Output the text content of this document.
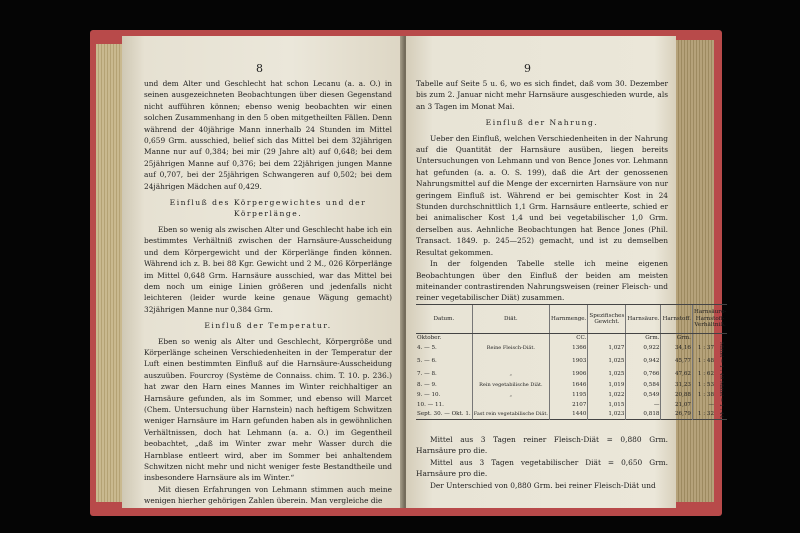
8

und dem Alter und Geschlecht hat schon Lecanu (a. a. O.) in seinen ausgezeichneten Beobachtungen über diesen Gegenstand nicht aufführen können; ebenso wenig beobachten wir einen solchen Zusammenhang in den 5 oben mitgetheilten Fällen. Denn während der 40jährige Mann innerhalb 24 Stunden im Mittel 0,659 Grm. ausschied, belief sich das Mittel bei dem 32jährigen Manne nur auf 0,384; bei mir (29 Jahre alt) auf 0,648; bei dem 25jährigen Manne auf 0,376; bei dem 22jährigen jungen Manne auf 0,707, bei der 25jährigen Schwangeren auf 0,502; bei dem 24jährigen Mädchen auf 0,429.

Einfluß des Körpergewichtes und der Körperlänge.

Eben so wenig als zwischen Alter und Geschlecht habe ich ein bestimmtes Verhältniß zwischen der Harnsäure-Ausscheidung und dem Körpergewicht und der Körperlänge finden können. Während ich z. B. bei 88 Kgr. Gewicht und 2 M., 026 Körperlänge im Mittel 0,648 Grm. Harnsäure ausschied, war das Mittel bei dem noch um einige Linien größeren und jedenfalls nicht leichteren (leider wurde keine genaue Wägung gemacht) 32jährigen Manne nur 0,384 Grm.

Einfluß der Temperatur.

Eben so wenig als Alter und Geschlecht, Körpergröße und Körperlänge scheinen Verschiedenheiten in der Temperatur der Luft einen bestimmten Einfluß auf die Harnsäure-Ausscheidung auszuüben. Fourcroy (Système de Connaiss. chim. T. 10. p. 236.) hat zwar den Harn eines Mannes im Winter reichhaltiger an Harnsäure gefunden, als im Sommer, und ebenso will Marcet (Chem. Untersuchung über Harnstein) nach heftigem Schwitzen weniger Harnsäure im Harn gefunden haben als in gewöhnlichen Verhältnissen, doch hat Lehmann (a. a. O.) im Gegentheil beobachtet, „daß im Winter zwar mehr Wasser durch die Harnblase entleert wird, aber im Sommer bei anhaltendem Schwitzen nicht mehr und nicht weniger feste Bestandtheile und insbesondere Harnsäure als im Winter.“

Mit diesen Erfahrungen von Lehmann stimmen auch meine wenigen hierher gehörigen Zahlen überein. Man vergleiche die

9

Tabelle auf Seite 5 u. 6, wo es sich findet, daß vom 30. Dezember bis zum 2. Januar nicht mehr Harnsäure ausgeschieden wurde, als an 3 Tagen im Monat Mai.

Einfluß der Nahrung.

Ueber den Einfluß, welchen Verschiedenheiten in der Nahrung auf die Quantität der Harnsäure ausüben, liegen bereits Untersuchungen von Lehmann und von Bence Jones vor. Lehmann hat gefunden (a. a. O. S. 199), daß die Art der genossenen Nahrungsmittel auf die Menge der excernirten Harnsäure von nur geringem Einfluß ist. Während er bei gemischter Kost in 24 Stunden durchschnittlich 1,1 Grm. Harnsäure entleerte, schied er bei animalischer Kost 1,4 und bei vegetabilischer 1,0 Grm. derselben aus. Aehnliche Beobachtungen hat Bence Jones (Phil. Transact. 1849. p. 245—252) gemacht, und ist zu demselben Resultat gekommen.

In der folgenden Tabelle stelle ich meine eigenen Beobachtungen über den Einfluß der beiden am meisten miteinander contrastirenden Nahrungsweisen (reiner Fleisch- und reiner vegetabilischer Diät) zusammen.

Datum.	Diät.	Harnmenge.	Spezifisches Gewicht.	Harnsäure.	Harnstoff.	Harnsäure-Harnstoff-Verhältniß.	
Oktober.		CC.		Grm.	Grm.		
4. — 5.	Reine Fleisch-Diät.	1366	1,027	0,922	34,16	1 : 37	Mittel = 1 : 49.
5. — 6.		1903	1,025	0,942	45,77	1 : 48	
7. — 8.	„	1906	1,025	0,766	47,62	1 : 62	
8. — 9.	Rein vegetabilische Diät.	1646	1,019	0,584	31,23	1 : 53	Mittel = 1 : 44.
9. — 10.	„	1195	1,022	0,549	20,88	1 : 38	
10. — 11.		2107	1,015	—	21,07	—	
Sept. 30. — Okt. 1.	Fast rein vegetabilische Diät.	1440	1,023	0,818	26,79	1 : 32	

Mittel aus 3 Tagen reiner Fleisch-Diät = 0,880 Grm. Harnsäure pro die.

Mittel aus 3 Tagen vegetabilischer Diät = 0,650 Grm. Harnsäure pro die.

Der Unterschied von 0,880 Grm. bei reiner Fleisch-Diät und
